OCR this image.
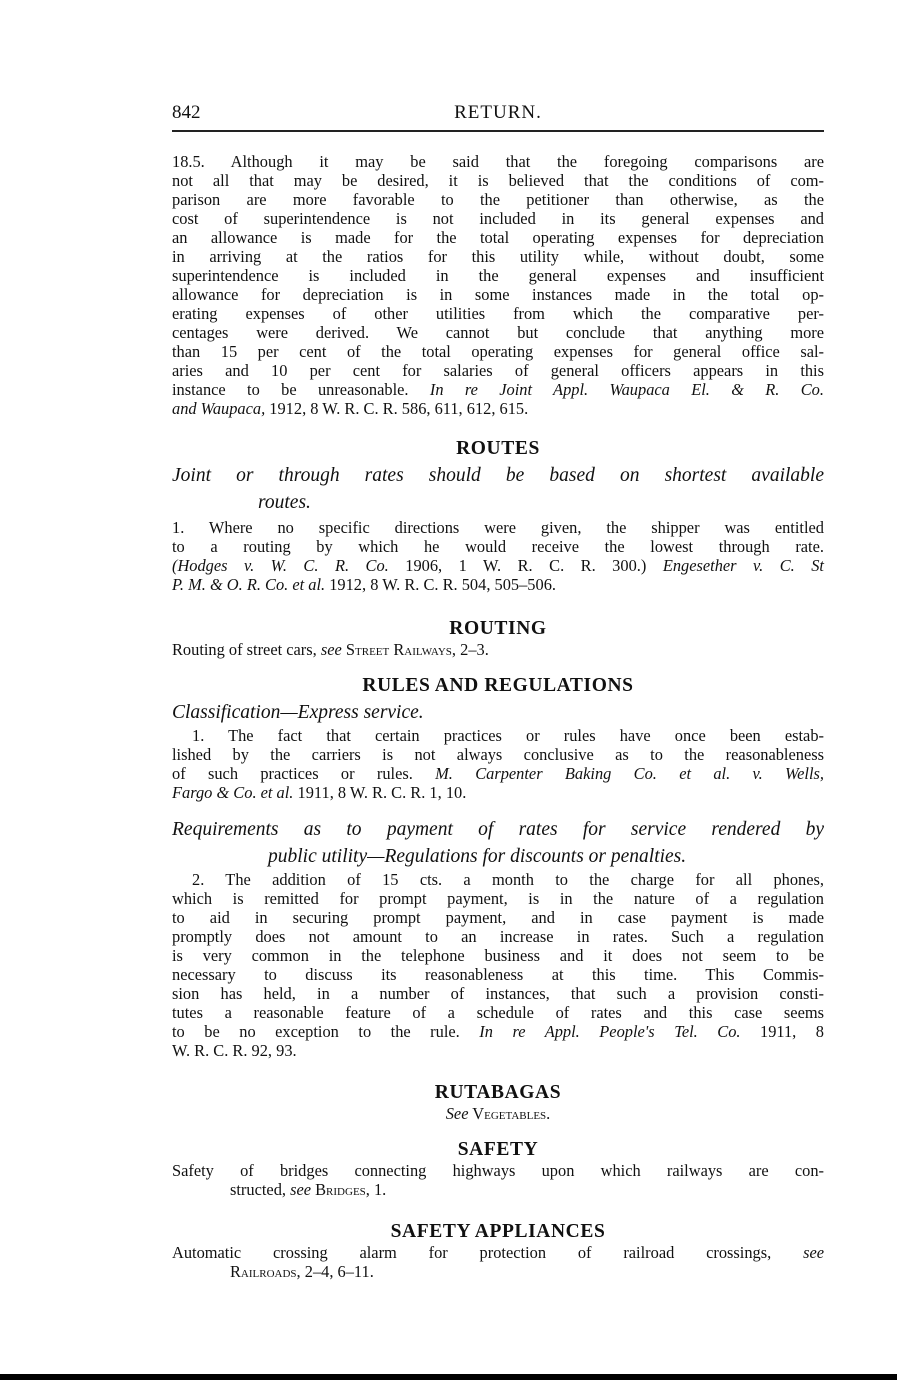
842	RETURN.

18.5. Although it may be said that the foregoing comparisons are

not all that may be desired, it is believed that the conditions of com-

parison are more favorable to the petitioner than otherwise, as the

cost of superintendence is not included in its general expenses and

an allowance is made for the total operating expenses for depreciation

in arriving at the ratios for this utility while, without doubt, some

superintendence is included in the general expenses and insufficient

allowance for depreciation is in some instances made in the total op-

erating expenses of other utilities from which the comparative per-

centages were derived. We cannot but conclude that anything more

than 15 per cent of the total operating expenses for general office sal-

aries and 10 per cent for salaries of general officers appears in this

instance to be unreasonable. In re Joint Appl. Waupaca El. & R. Co.

and Waupaca, 1912, 8 W. R. C. R. 586, 611, 612, 615.

ROUTES
Joint or through rates should be based on shortest available
routes.

1. Where no specific directions were given, the shipper was entitled

to a routing by which he would receive the lowest through rate.

(Hodges v. W. C. R. Co. 1906, 1 W. R. C. R. 300.) Engesether v. C. St

P. M. & O. R. Co. et al. 1912, 8 W. R. C. R. 504, 505–506.

ROUTING

Routing of street cars, see Street Railways, 2–3.

RULES AND REGULATIONS
Classification—Express service.

1. The fact that certain practices or rules have once been estab-

lished by the carriers is not always conclusive as to the reasonableness

of such practices or rules. M. Carpenter Baking Co. et al. v. Wells,

Fargo & Co. et al. 1911, 8 W. R. C. R. 1, 10.

Requirements as to payment of rates for service rendered by
public utility—Regulations for discounts or penalties.

2. The addition of 15 cts. a month to the charge for all phones,

which is remitted for prompt payment, is in the nature of a regulation

to aid in securing prompt payment, and in case payment is made

promptly does not amount to an increase in rates. Such a regulation

is very common in the telephone business and it does not seem to be

necessary to discuss its reasonableness at this time. This Commis-

sion has held, in a number of instances, that such a provision consti-

tutes a reasonable feature of a schedule of rates and this case seems

to be no exception to the rule. In re Appl. People's Tel. Co. 1911, 8

W. R. C. R. 92, 93.

RUTABAGAS

See Vegetables.

SAFETY

Safety of bridges connecting highways upon which railways are con-

structed, see Bridges, 1.

SAFETY APPLIANCES

Automatic crossing alarm for protection of railroad crossings, see

Railroads, 2–4, 6–11.
